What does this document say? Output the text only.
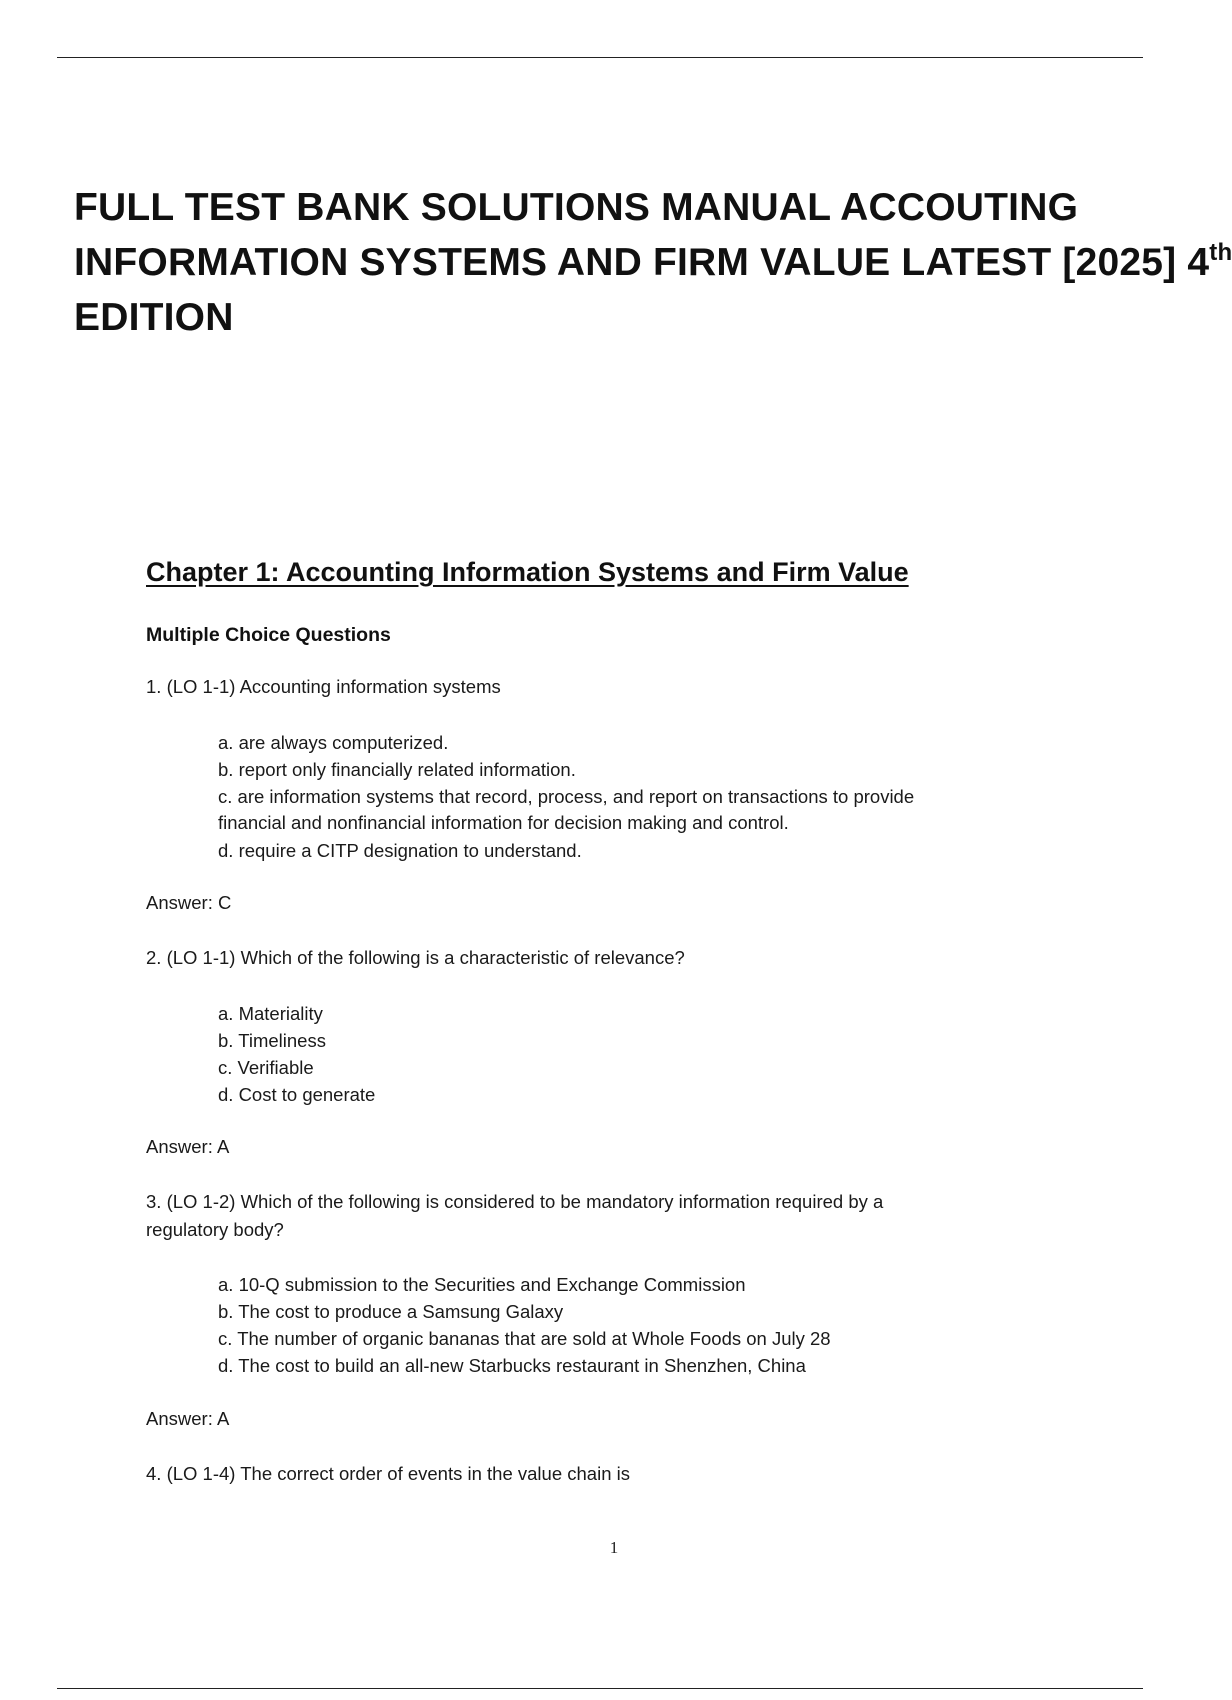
FULL TEST BANK SOLUTIONS MANUAL ACCOUTING
INFORMATION SYSTEMS AND FIRM VALUE LATEST [2025] 4th
EDITION
Chapter 1: Accounting Information Systems and Firm Value
Multiple Choice Questions

1. (LO 1-1) Accounting information systems

a. are always computerized.

b. report only financially related information.

c. are information systems that record, process, and report on transactions to provide

financial and nonfinancial information for decision making and control.

d. require a CITP designation to understand.

Answer: C

2. (LO 1-1) Which of the following is a characteristic of relevance?

a. Materiality

b. Timeliness

c. Verifiable

d. Cost to generate

Answer: A

3. (LO 1-2) Which of the following is considered to be mandatory information required by a

regulatory body?

a. 10-Q submission to the Securities and Exchange Commission

b. The cost to produce a Samsung Galaxy

c. The number of organic bananas that are sold at Whole Foods on July 28

d. The cost to build an all-new Starbucks restaurant in Shenzhen, China

Answer: A

4. (LO 1-4) The correct order of events in the value chain is

1
